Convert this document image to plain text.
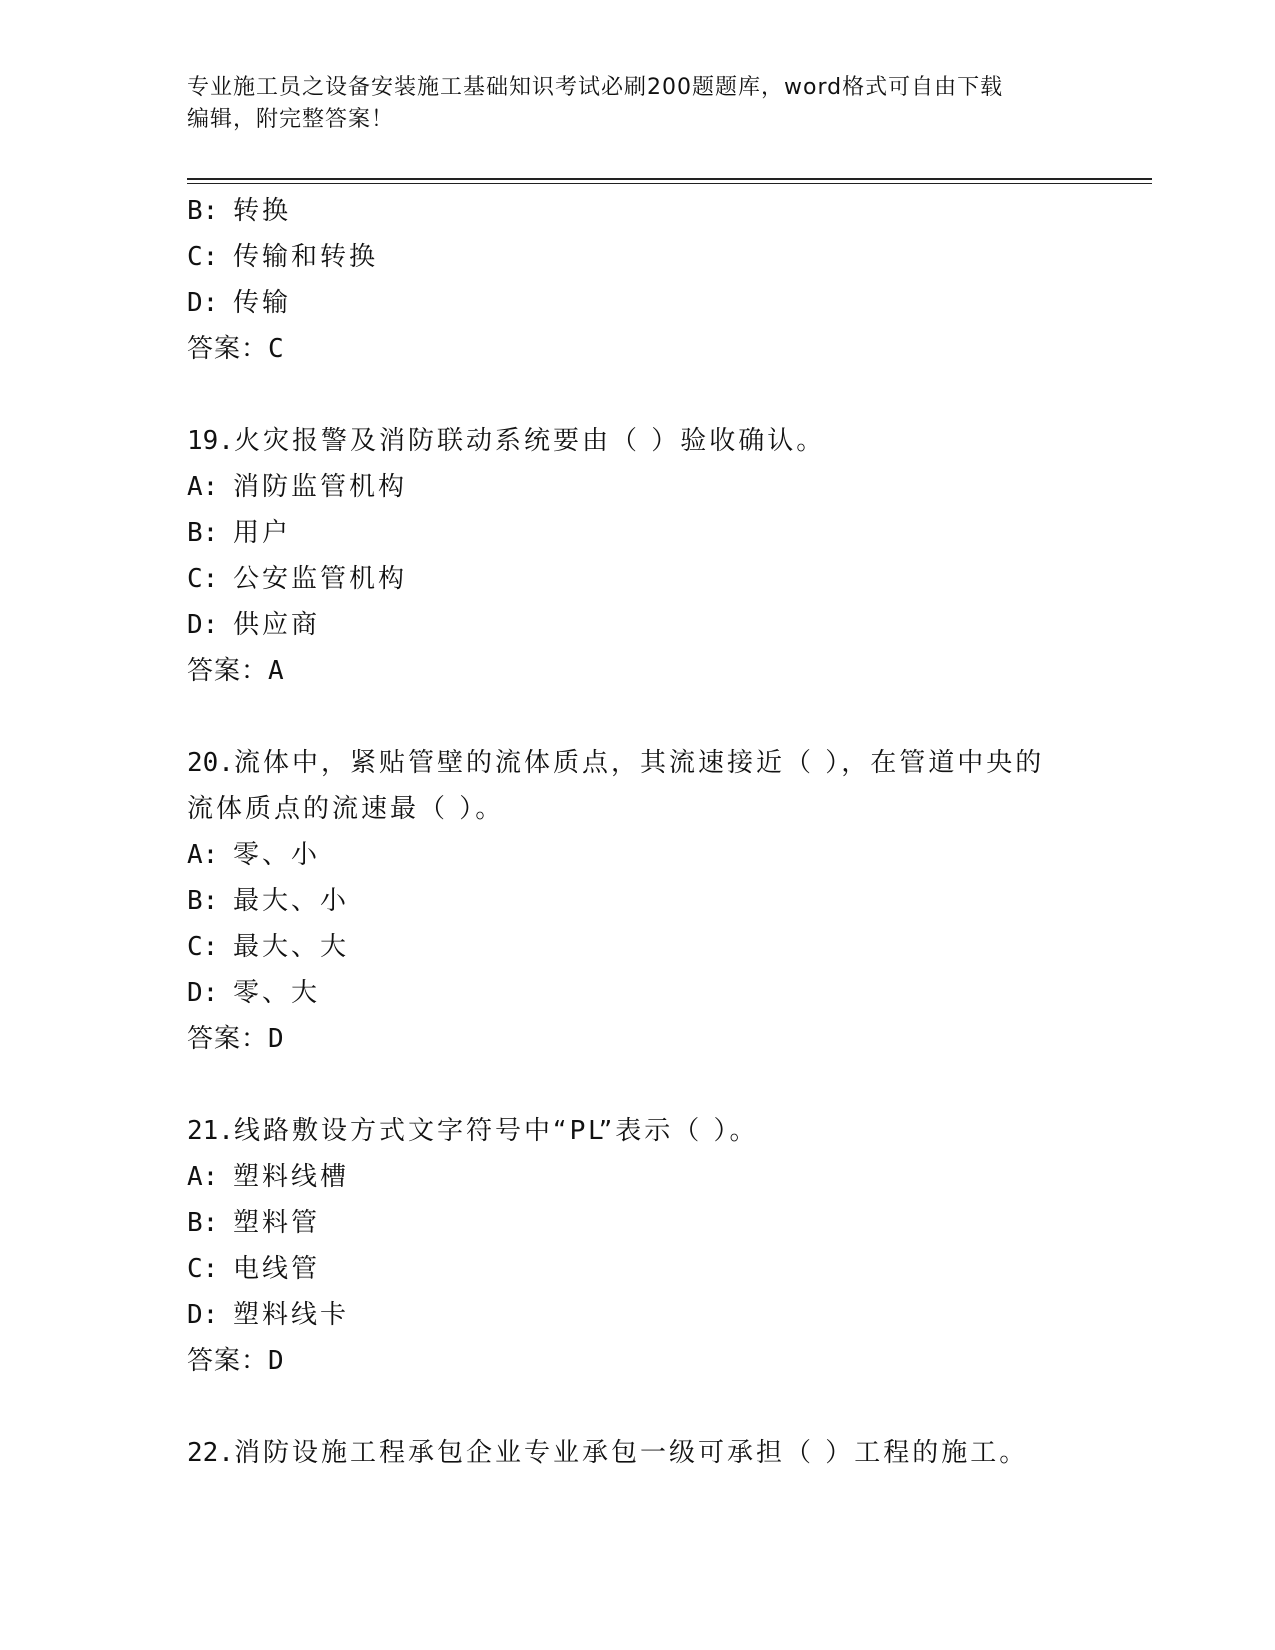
专业施工员之设备安装施工基础知识考试必刷200题题库，word格式可自由下载
编辑，附完整答案！
B: 转换
C: 传输和转换
D: 传输
答案：C
19.火灾报警及消防联动系统要由（ ）验收确认。
A: 消防监管机构
B: 用户
C: 公安监管机构
D: 供应商
答案：A
20.流体中，紧贴管壁的流体质点，其流速接近（ ），在管道中央的
流体质点的流速最（ ）。
A: 零、小
B: 最大、小
C: 最大、大
D: 零、大
答案：D
21.线路敷设方式文字符号中“PL”表示（ ）。
A: 塑料线槽
B: 塑料管
C: 电线管
D: 塑料线卡
答案：D
22.消防设施工程承包企业专业承包一级可承担（ ）工程的施工。
